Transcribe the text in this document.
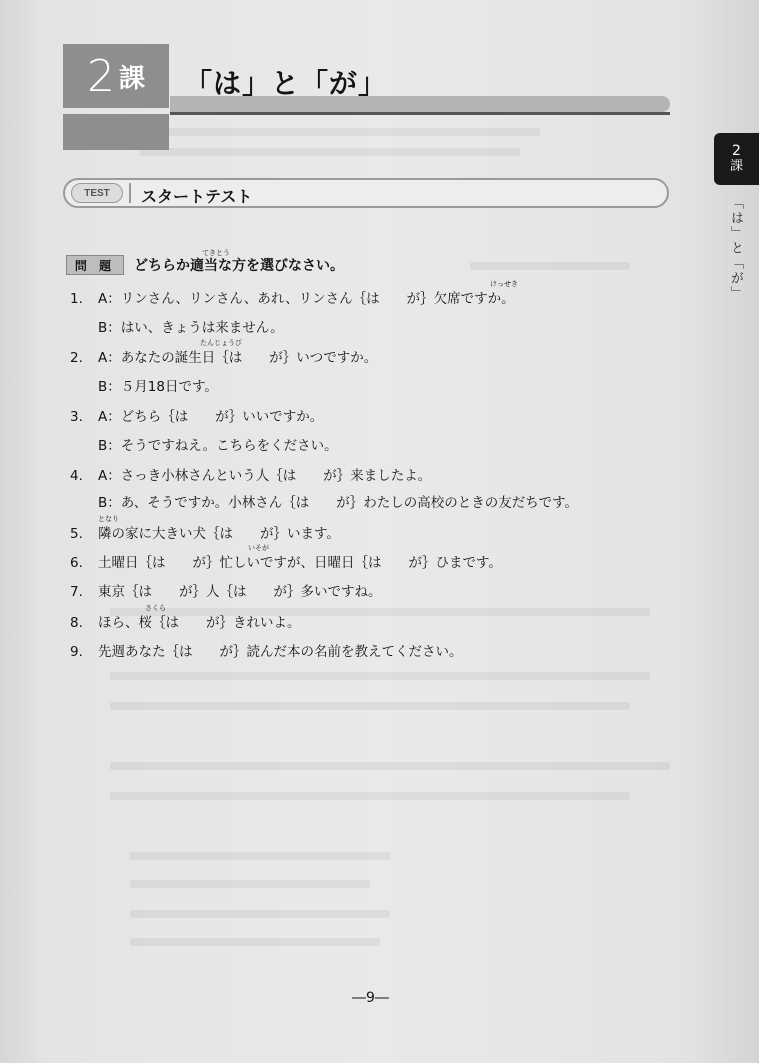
2 課 「は」と「が」
2
課
「は」と「が」
TEST	スタートテスト
問 題	どちらか適当な方を選びなさい。
てきとう
1. A：リンさん、リンさん、あれ、リンさん｛は　　が｝欠席ですか。
けっせき
B：はい、きょうは来ません。
2. A：あなたの誕生日｛は　　が｝いつですか。
たんじょうび
B：５月18日です。
3. A：どちら｛は　　が｝いいですか。
B：そうですねえ。こちらをください。
4. A：さっき小林さんという人｛は　　が｝来ましたよ。
B：あ、そうですか。小林さん｛は　　が｝わたしの高校のときの友だちです。
5. 隣の家に大きい犬｛は　　が｝います。
となり
6. 土曜日｛は　　が｝忙しいですが、日曜日｛は　　が｝ひまです。
いそが
7. 東京｛は　　が｝人｛は　　が｝多いですね。
8. ほら、桜｛は　　が｝きれいよ。
さくら
9. 先週あなた｛は　　が｝読んだ本の名前を教えてください。
―9―
